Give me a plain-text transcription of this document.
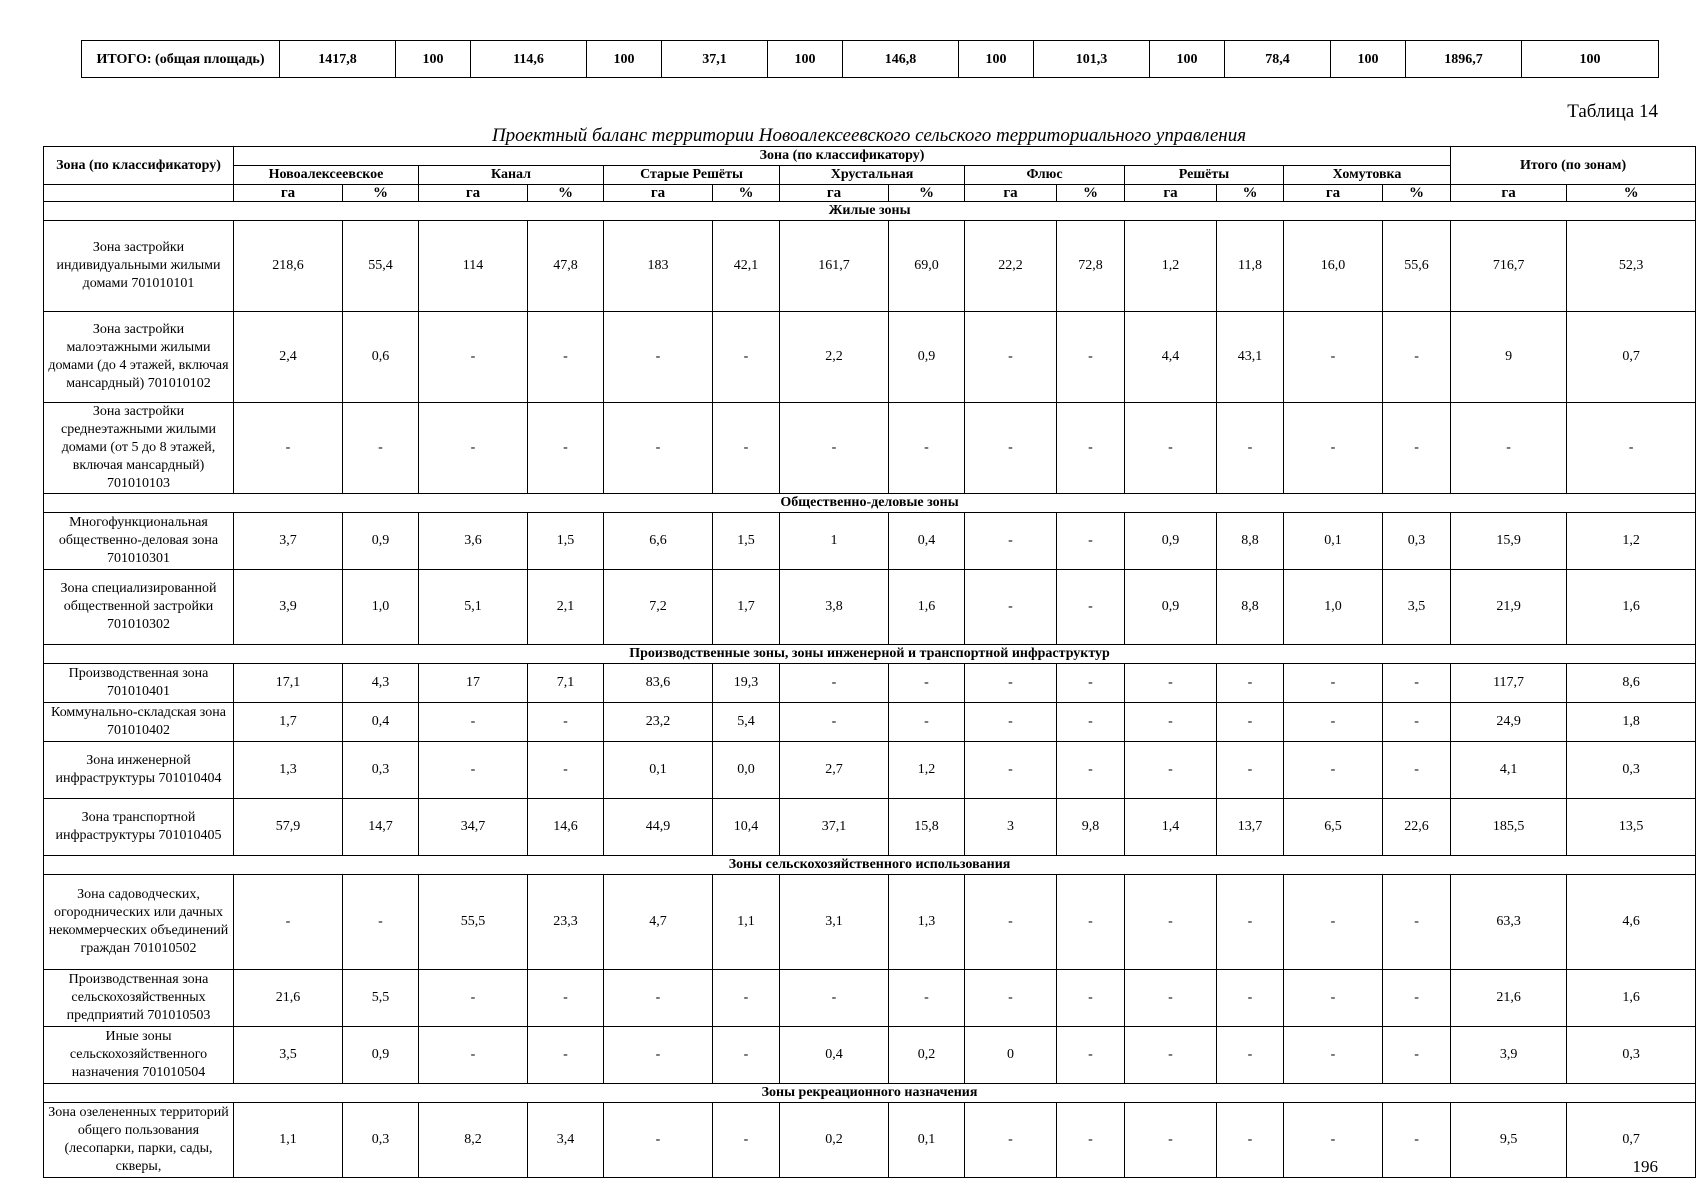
ИТОГО: (общая площадь)	1417,8	100	114,6	100	37,1	100	146,8	100	101,3	100	78,4	100	1896,7	100
Таблица 14
Проектный баланс территории Новоалексеевского сельского территориального управления
Зона (по классификатору)	Зона (по классификатору)														Итого (по зонам)	
	Новоалексеевское		Канал		Старые Решёты		Хрустальная		Флюс		Решёты		Хомутовка			
	га	%	га	%	га	%	га	%	га	%	га	%	га	%	га	%
Жилые зоны																
Зона застройки индивидуальными жилыми домами 701010101	218,6	55,4	114	47,8	183	42,1	161,7	69,0	22,2	72,8	1,2	11,8	16,0	55,6	716,7	52,3
Зона застройки малоэтажными жилыми домами (до 4 этажей, включая мансардный) 701010102	2,4	0,6	-	-	-	-	2,2	0,9	-	-	4,4	43,1	-	-	9	0,7
Зона застройки среднеэтажными жилыми домами (от 5 до 8 этажей, включая мансардный) 701010103	-	-	-	-	-	-	-	-	-	-	-	-	-	-	-	-
Общественно-деловые зоны																
Многофункциональная общественно-деловая зона 701010301	3,7	0,9	3,6	1,5	6,6	1,5	1	0,4	-	-	0,9	8,8	0,1	0,3	15,9	1,2
Зона специализированной общественной застройки 701010302	3,9	1,0	5,1	2,1	7,2	1,7	3,8	1,6	-	-	0,9	8,8	1,0	3,5	21,9	1,6
Производственные зоны, зоны инженерной и транспортной инфраструктур																
Производственная зона 701010401	17,1	4,3	17	7,1	83,6	19,3	-	-	-	-	-	-	-	-	117,7	8,6
Коммунально-складская зона 701010402	1,7	0,4	-	-	23,2	5,4	-	-	-	-	-	-	-	-	24,9	1,8
Зона инженерной инфраструктуры 701010404	1,3	0,3	-	-	0,1	0,0	2,7	1,2	-	-	-	-	-	-	4,1	0,3
Зона транспортной инфраструктуры 701010405	57,9	14,7	34,7	14,6	44,9	10,4	37,1	15,8	3	9,8	1,4	13,7	6,5	22,6	185,5	13,5
Зоны сельскохозяйственного использования																
Зона садоводческих, огороднических или дачных некоммерческих объединений граждан 701010502	-	-	55,5	23,3	4,7	1,1	3,1	1,3	-	-	-	-	-	-	63,3	4,6
Производственная зона сельскохозяйственных предприятий 701010503	21,6	5,5	-	-	-	-	-	-	-	-	-	-	-	-	21,6	1,6
Иные зоны сельскохозяйственного назначения 701010504	3,5	0,9	-	-	-	-	0,4	0,2	0	-	-	-	-	-	3,9	0,3
Зоны рекреационного назначения																
Зона озелененных территорий общего пользования (лесопарки, парки, сады, скверы,	1,1	0,3	8,2	3,4	-	-	0,2	0,1	-	-	-	-	-	-	9,5	0,7
196
